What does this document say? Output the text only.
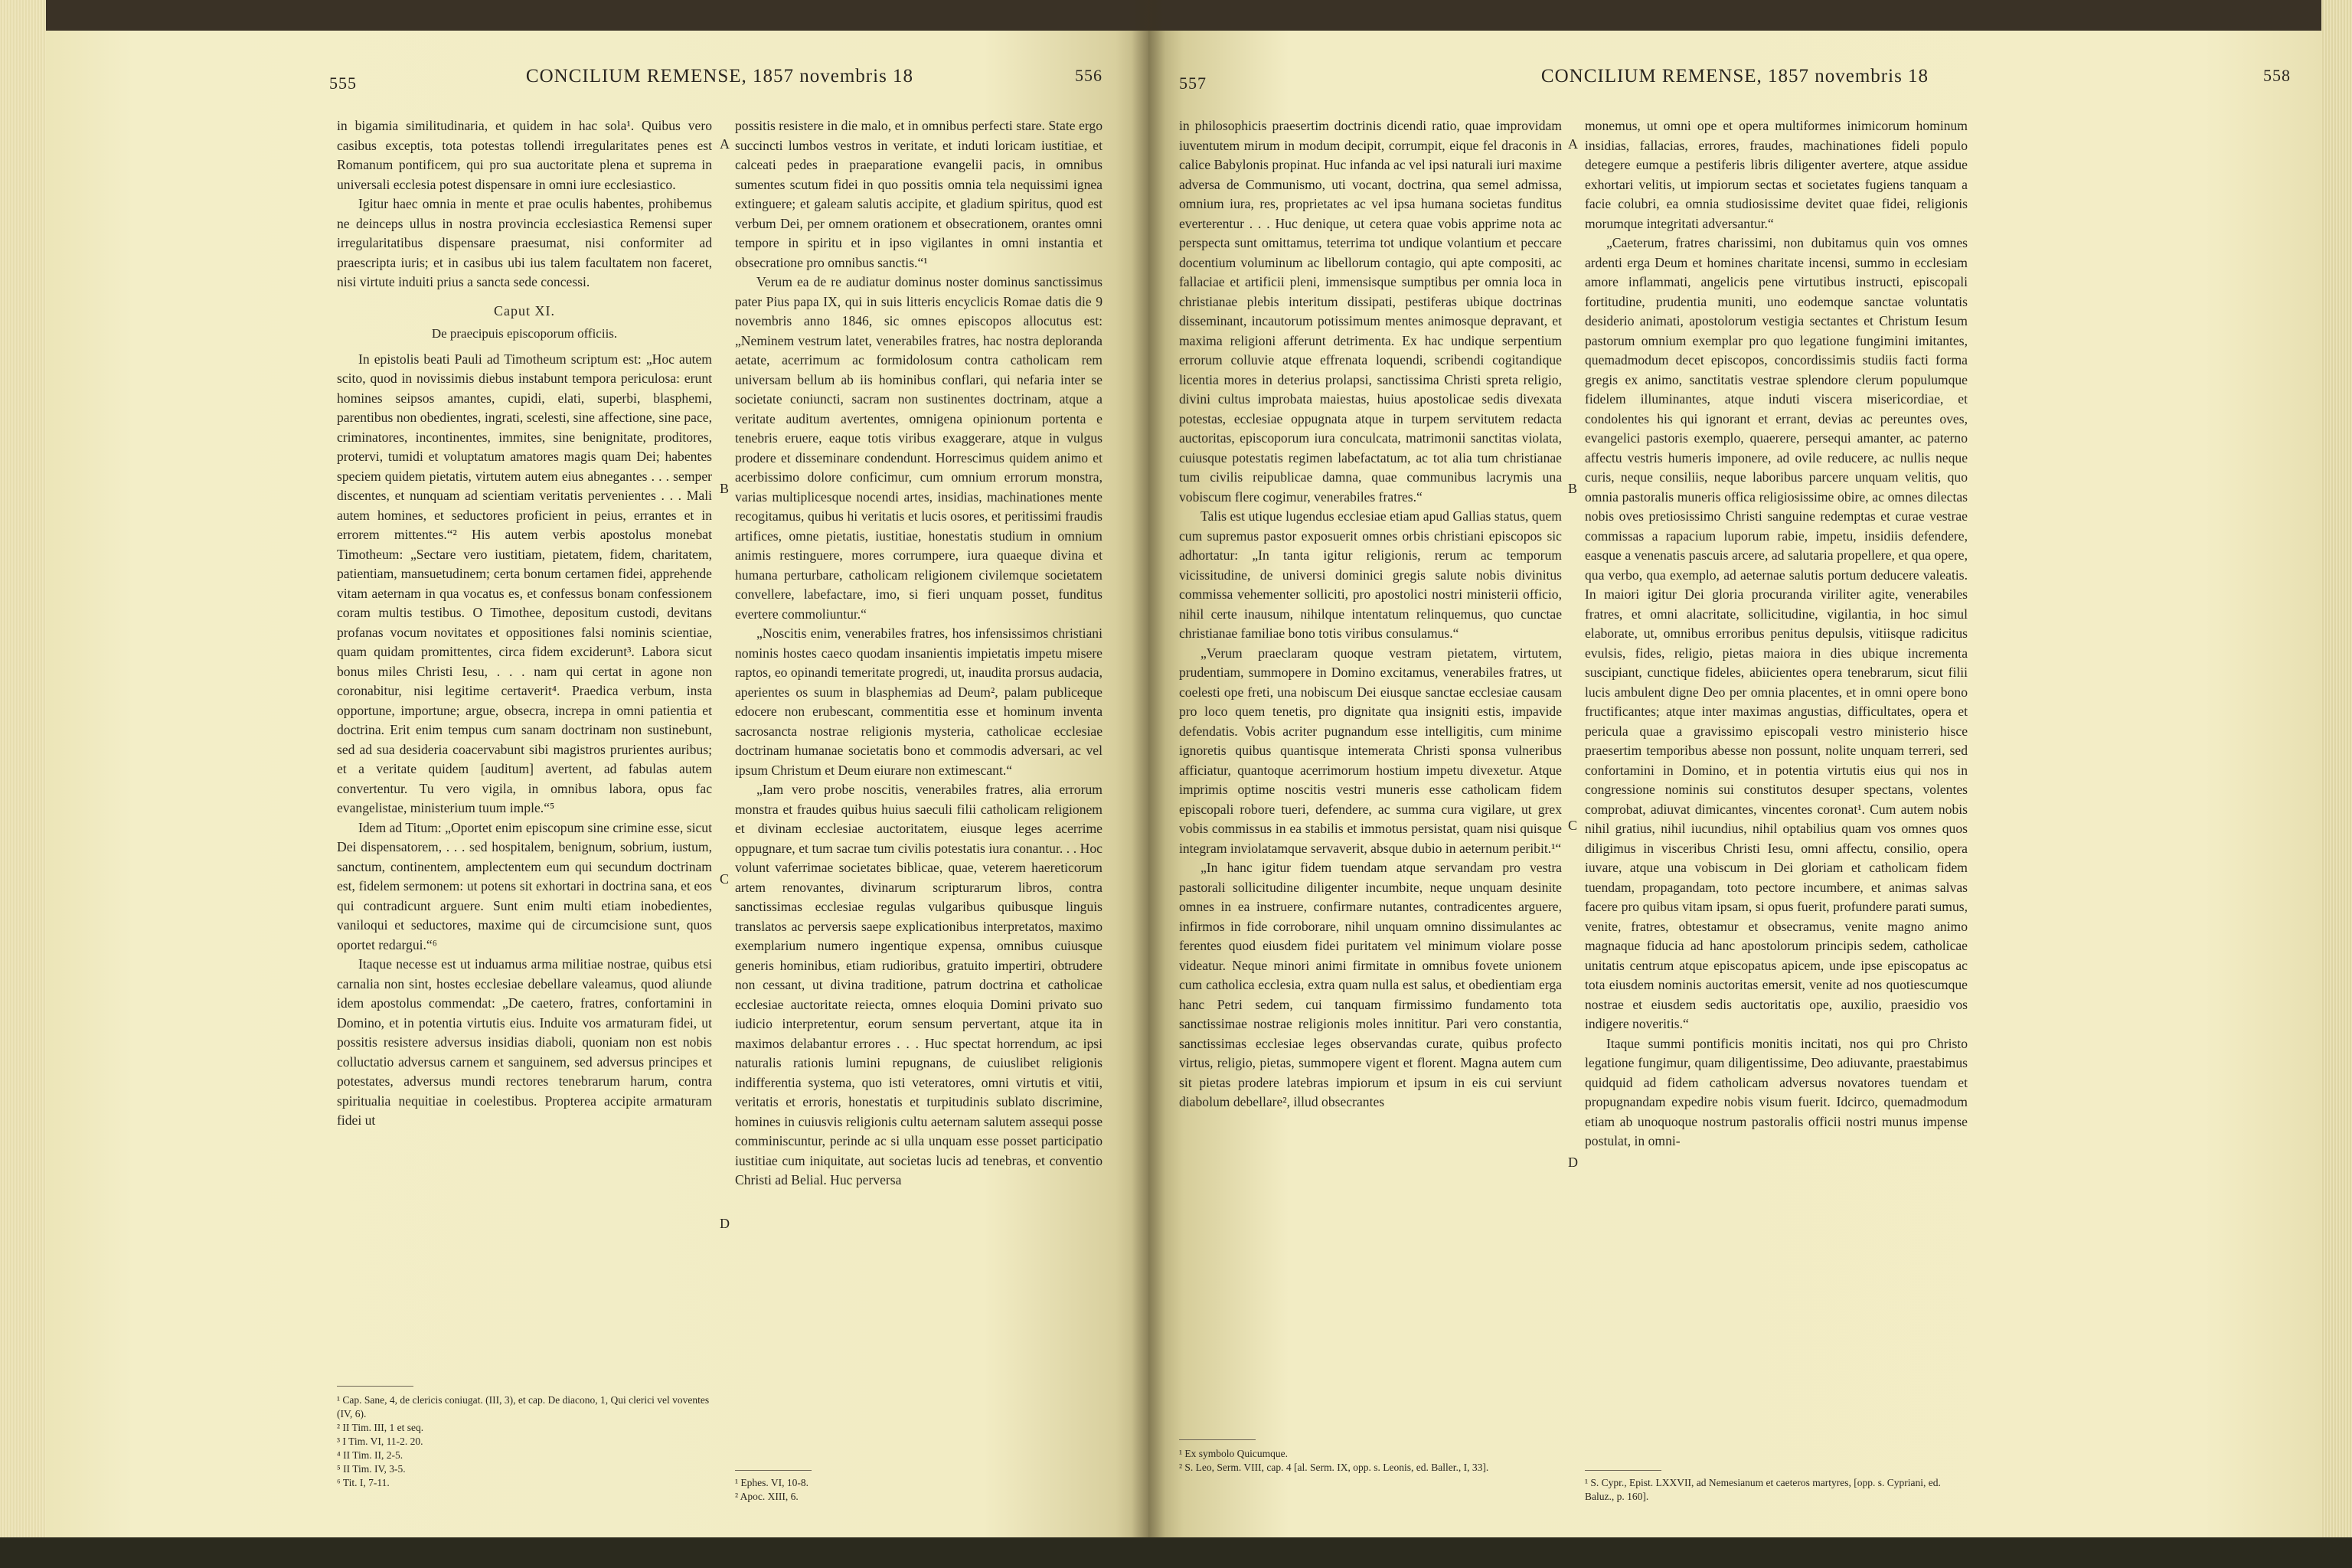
555	CONCILIUM REMENSE, 1857 novembris 18	556

in bigamia similitudinaria, et quidem in hac sola¹. Quibus vero casibus exceptis, tota potestas tollendi irregularitates penes est Romanum pontificem, qui pro sua auctoritate plena et suprema in universali ecclesia potest dispensare in omni iure ecclesiastico.

Igitur haec omnia in mente et prae oculis habentes, prohibemus ne deinceps ullus in nostra provincia ecclesiastica Remensi super irregularitatibus dispensare praesumat, nisi conformiter ad praescripta iuris; et in casibus ubi ius talem facultatem non faceret, nisi virtute induiti prius a sancta sede concessi.

Caput XI.

De praecipuis episcoporum officiis.

In epistolis beati Pauli ad Timotheum scriptum est: „Hoc autem scito, quod in novissimis diebus instabunt tempora periculosa: erunt homines seipsos amantes, cupidi, elati, superbi, blasphemi, parentibus non obedientes, ingrati, scelesti, sine affectione, sine pace, criminatores, incontinentes, immites, sine benignitate, proditores, protervi, tumidi et voluptatum amatores magis quam Dei; habentes speciem quidem pietatis, virtutem autem eius abnegantes . . . semper discentes, et nunquam ad scientiam veritatis pervenientes . . . Mali autem homines, et seductores proficient in peius, errantes et in errorem mittentes.“² His autem verbis apostolus monebat Timotheum: „Sectare vero iustitiam, pietatem, fidem, charitatem, patientiam, mansuetudinem; certa bonum certamen fidei, apprehende vitam aeternam in qua vocatus es, et confessus bonam confessionem coram multis testibus. O Timothee, depositum custodi, devitans profanas vocum novitates et oppositiones falsi nominis scientiae, quam quidam promittentes, circa fidem exciderunt³. Labora sicut bonus miles Christi Iesu, . . . nam qui certat in agone non coronabitur, nisi legitime certaverit⁴. Praedica verbum, insta opportune, importune; argue, obsecra, increpa in omni patientia et doctrina. Erit enim tempus cum sanam doctrinam non sustinebunt, sed ad sua desideria coacervabunt sibi magistros prurientes auribus; et a veritate quidem [auditum] avertent, ad fabulas autem convertentur. Tu vero vigila, in omnibus labora, opus fac evangelistae, ministerium tuum imple.“⁵

Idem ad Titum: „Oportet enim episcopum sine crimine esse, sicut Dei dispensatorem, . . . sed hospitalem, benignum, sobrium, iustum, sanctum, continentem, amplectentem eum qui secundum doctrinam est, fidelem sermonem: ut potens sit exhortari in doctrina sana, et eos qui contradicunt arguere. Sunt enim multi etiam inobedientes, vaniloqui et seductores, maxime qui de circumcisione sunt, quos oportet redargui.“⁶

Itaque necesse est ut induamus arma militiae nostrae, quibus etsi carnalia non sint, hostes ecclesiae debellare valeamus, quod aliunde idem apostolus commendat: „De caetero, fratres, confortamini in Domino, et in potentia virtutis eius. Induite vos armaturam fidei, ut possitis resistere adversus insidias diaboli, quoniam non est nobis colluctatio adversus carnem et sanguinem, sed adversus principes et potestates, adversus mundi rectores tenebrarum harum, contra spiritualia nequitiae in coelestibus. Propterea accipite armaturam fidei ut

¹ Cap. Sane, 4, de clericis coniugat. (III, 3), et cap. De diacono, 1, Qui clerici vel voventes (IV, 6).
² II Tim. III, 1 et seq.
³ I Tim. VI, 11-2. 20.
⁴ II Tim. II, 2-5.
⁵ II Tim. IV, 3-5.
⁶ Tit. I, 7-11.
A
B
C
D

possitis resistere in die malo, et in omnibus perfecti stare. State ergo succincti lumbos vestros in veritate, et induti loricam iustitiae, et calceati pedes in praeparatione evangelii pacis, in omnibus sumentes scutum fidei in quo possitis omnia tela nequissimi ignea extinguere; et galeam salutis accipite, et gladium spiritus, quod est verbum Dei, per omnem orationem et obsecrationem, orantes omni tempore in spiritu et in ipso vigilantes in omni instantia et obsecratione pro omnibus sanctis.“¹

Verum ea de re audiatur dominus noster dominus sanctissimus pater Pius papa IX, qui in suis litteris encyclicis Romae datis die 9 novembris anno 1846, sic omnes episcopos allocutus est: „Neminem vestrum latet, venerabiles fratres, hac nostra deploranda aetate, acerrimum ac formidolosum contra catholicam rem universam bellum ab iis hominibus conflari, qui nefaria inter se societate coniuncti, sacram non sustinentes doctrinam, atque a veritate auditum avertentes, omnigena opinionum portenta e tenebris eruere, eaque totis viribus exaggerare, atque in vulgus prodere et disseminare condendunt. Horrescimus quidem animo et acerbissimo dolore conficimur, cum omnium errorum monstra, varias multiplicesque nocendi artes, insidias, machinationes mente recogitamus, quibus hi veritatis et lucis osores, et peritissimi fraudis artifices, omne pietatis, iustitiae, honestatis studium in omnium animis restinguere, mores corrumpere, iura quaeque divina et humana perturbare, catholicam religionem civilemque societatem convellere, labefactare, imo, si fieri unquam posset, funditus evertere commoliuntur.“

„Noscitis enim, venerabiles fratres, hos infensissimos christiani nominis hostes caeco quodam insanientis impietatis impetu misere raptos, eo opinandi temeritate progredi, ut, inaudita prorsus audacia, aperientes os suum in blasphemias ad Deum², palam publiceque edocere non erubescant, commentitia esse et hominum inventa sacrosancta nostrae religionis mysteria, catholicae ecclesiae doctrinam humanae societatis bono et commodis adversari, ac vel ipsum Christum et Deum eiurare non extimescant.“

„Iam vero probe noscitis, venerabiles fratres, alia errorum monstra et fraudes quibus huius saeculi filii catholicam religionem et divinam ecclesiae auctoritatem, eiusque leges acerrime oppugnare, et tum sacrae tum civilis potestatis iura conantur. . . Hoc volunt vaferrimae societates biblicae, quae, veterem haereticorum artem renovantes, divinarum scripturarum libros, contra sanctissimas ecclesiae regulas vulgaribus quibusque linguis translatos ac perversis saepe explicationibus interpretatos, maximo exemplarium numero ingentique expensa, omnibus cuiusque generis hominibus, etiam rudioribus, gratuito impertiri, obtrudere non cessant, ut divina traditione, patrum doctrina et catholicae ecclesiae auctoritate reiecta, omnes eloquia Domini privato suo iudicio interpretentur, eorum sensum pervertant, atque ita in maximos delabantur errores . . . Huc spectat horrendum, ac ipsi naturalis rationis lumini repugnans, de cuiuslibet religionis indifferentia systema, quo isti veteratores, omni virtutis et vitii, veritatis et erroris, honestatis et turpitudinis sublato discrimine, homines in cuiusvis religionis cultu aeternam salutem assequi posse comminiscuntur, perinde ac si ulla unquam esse posset participatio iustitiae cum iniquitate, aut societas lucis ad tenebras, et conventio Christi ad Belial. Huc perversa

¹ Ephes. VI, 10-8.
² Apoc. XIII, 6.
557	CONCILIUM REMENSE, 1857 novembris 18	558

in philosophicis praesertim doctrinis dicendi ratio, quae improvidam iuventutem mirum in modum decipit, corrumpit, eique fel draconis in calice Babylonis propinat. Huc infanda ac vel ipsi naturali iuri maxime adversa de Communismo, uti vocant, doctrina, qua semel admissa, omnium iura, res, proprietates ac vel ipsa humana societas funditus everterentur . . . Huc denique, ut cetera quae vobis apprime nota ac perspecta sunt omittamus, teterrima tot undique volantium et peccare docentium voluminum ac libellorum contagio, qui apte compositi, ac fallaciae et artificii pleni, immensisque sumptibus per omnia loca in christianae plebis interitum dissipati, pestiferas ubique doctrinas disseminant, incautorum potissimum mentes animosque depravant, et maxima religioni afferunt detrimenta. Ex hac undique serpentium errorum colluvie atque effrenata loquendi, scribendi cogitandique licentia mores in deterius prolapsi, sanctissima Christi spreta religio, divini cultus improbata maiestas, huius apostolicae sedis divexata potestas, ecclesiae oppugnata atque in turpem servitutem redacta auctoritas, episcoporum iura conculcata, matrimonii sanctitas violata, cuiusque potestatis regimen labefactatum, ac tot alia tum christianae tum civilis reipublicae damna, quae communibus lacrymis una vobiscum flere cogimur, venerabiles fratres.“

Talis est utique lugendus ecclesiae etiam apud Gallias status, quem cum supremus pastor exposuerit omnes orbis christiani episcopos sic adhortatur: „In tanta igitur religionis, rerum ac temporum vicissitudine, de universi dominici gregis salute nobis divinitus commissa vehementer solliciti, pro apostolici nostri ministerii officio, nihil certe inausum, nihilque intentatum relinquemus, quo cunctae christianae familiae bono totis viribus consulamus.“

„Verum praeclaram quoque vestram pietatem, virtutem, prudentiam, summopere in Domino excitamus, venerabiles fratres, ut coelesti ope freti, una nobiscum Dei eiusque sanctae ecclesiae causam pro loco quem tenetis, pro dignitate qua insigniti estis, impavide defendatis. Vobis acriter pugnandum esse intelligitis, cum minime ignoretis quibus quantisque intemerata Christi sponsa vulneribus afficiatur, quantoque acerrimorum hostium impetu divexetur. Atque imprimis optime noscitis vestri muneris esse catholicam fidem episcopali robore tueri, defendere, ac summa cura vigilare, ut grex vobis commissus in ea stabilis et immotus persistat, quam nisi quisque integram inviolatamque servaverit, absque dubio in aeternum peribit.¹“

„In hanc igitur fidem tuendam atque servandam pro vestra pastorali sollicitudine diligenter incumbite, neque unquam desinite omnes in ea instruere, confirmare nutantes, contradicentes arguere, infirmos in fide corroborare, nihil unquam omnino dissimulantes ac ferentes quod eiusdem fidei puritatem vel minimum violare posse videatur. Neque minori animi firmitate in omnibus fovete unionem cum catholica ecclesia, extra quam nulla est salus, et obedientiam erga hanc Petri sedem, cui tanquam firmissimo fundamento tota sanctissimae nostrae religionis moles innititur. Pari vero constantia, sanctissimas ecclesiae leges observandas curate, quibus profecto virtus, religio, pietas, summopere vigent et florent. Magna autem cum sit pietas prodere latebras impiorum et ipsum in eis cui serviunt diabolum debellare², illud obsecrantes

¹ Ex symbolo Quicumque.
² S. Leo, Serm. VIII, cap. 4 [al. Serm. IX, opp. s. Leonis, ed. Baller., I, 33].
A
B
C
D

monemus, ut omni ope et opera multiformes inimicorum hominum insidias, fallacias, errores, fraudes, machinationes fideli populo detegere eumque a pestiferis libris diligenter avertere, atque assidue exhortari velitis, ut impiorum sectas et societates fugiens tanquam a facie colubri, ea omnia studiosissime devitet quae fidei, religionis morumque integritati adversantur.“

„Caeterum, fratres charissimi, non dubitamus quin vos omnes ardenti erga Deum et homines charitate incensi, summo in ecclesiam amore inflammati, angelicis pene virtutibus instructi, episcopali fortitudine, prudentia muniti, uno eodemque sanctae voluntatis desiderio animati, apostolorum vestigia sectantes et Christum Iesum pastorum omnium exemplar pro quo legatione fungimini imitantes, quemadmodum decet episcopos, concordissimis studiis facti forma gregis ex animo, sanctitatis vestrae splendore clerum populumque fidelem illuminantes, atque induti viscera misericordiae, et condolentes his qui ignorant et errant, devias ac pereuntes oves, evangelici pastoris exemplo, quaerere, persequi amanter, ac paterno affectu vestris humeris imponere, ad ovile reducere, ac nullis neque curis, neque consiliis, neque laboribus parcere unquam velitis, quo omnia pastoralis muneris offica religiosissime obire, ac omnes dilectas nobis oves pretiosissimo Christi sanguine redemptas et curae vestrae commissas a rapacium luporum rabie, impetu, insidiis defendere, easque a venenatis pascuis arcere, ad salutaria propellere, et qua opere, qua verbo, qua exemplo, ad aeternae salutis portum deducere valeatis. In maiori igitur Dei gloria procuranda viriliter agite, venerabiles fratres, et omni alacritate, sollicitudine, vigilantia, in hoc simul elaborate, ut, omnibus erroribus penitus depulsis, vitiisque radicitus evulsis, fides, religio, pietas maiora in dies ubique incrementa suscipiant, cunctique fideles, abiicientes opera tenebrarum, sicut filii lucis ambulent digne Deo per omnia placentes, et in omni opere bono fructificantes; atque inter maximas angustias, difficultates, opera et pericula quae a gravissimo episcopali vestro ministerio hisce praesertim temporibus abesse non possunt, nolite unquam terreri, sed confortamini in Domino, et in potentia virtutis eius qui nos in congressione nominis sui constitutos desuper spectans, volentes comprobat, adiuvat dimicantes, vincentes coronat¹. Cum autem nobis nihil gratius, nihil iucundius, nihil optabilius quam vos omnes quos diligimus in visceribus Christi Iesu, omni affectu, consilio, opera iuvare, atque una vobiscum in Dei gloriam et catholicam fidem tuendam, propagandam, toto pectore incumbere, et animas salvas facere pro quibus vitam ipsam, si opus fuerit, profundere parati sumus, venite, fratres, obtestamur et obsecramus, venite magno animo magnaque fiducia ad hanc apostolorum principis sedem, catholicae unitatis centrum atque episcopatus apicem, unde ipse episcopatus ac tota eiusdem nominis auctoritas emersit, venite ad nos quotiescumque nostrae et eiusdem sedis auctoritatis ope, auxilio, praesidio vos indigere noveritis.“

Itaque summi pontificis monitis incitati, nos qui pro Christo legatione fungimur, quam diligentissime, Deo adiuvante, praestabimus quidquid ad fidem catholicam adversus novatores tuendam et propugnandam expedire nobis visum fuerit. Idcirco, quemadmodum etiam ab unoquoque nostrum pastoralis officii nostri munus impense postulat, in omni-

¹ S. Cypr., Epist. LXXVII, ad Nemesianum et caeteros martyres, [opp. s. Cypriani, ed. Baluz., p. 160].
